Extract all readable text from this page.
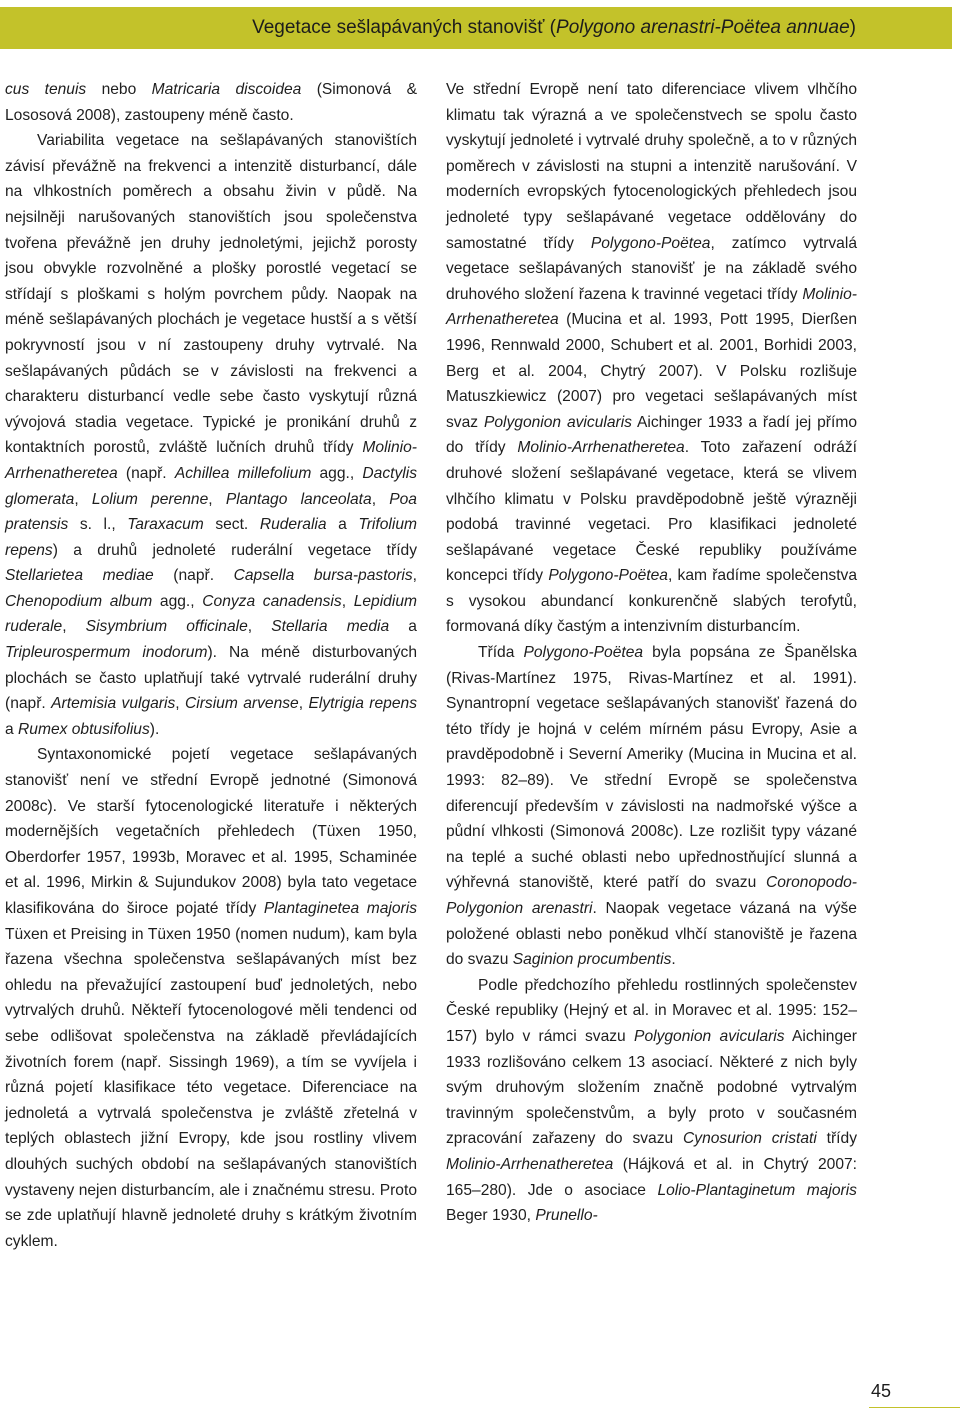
Vegetace sešlapávaných stanovišť (Polygono arenastri-Poëtea annuae)

cus tenuis nebo Matricaria discoidea (Simonová & Lososová 2008), zastoupeny méně často.

Variabilita vegetace na sešlapávaných stanovištích závisí převážně na frekvenci a intenzitě disturbancí, dále na vlhkostních poměrech a obsahu živin v půdě. Na nejsilněji narušovaných stanovištích jsou společenstva tvořena převážně jen druhy jednoletými, jejichž porosty jsou obvykle rozvolněné a plošky porostlé vegetací se střídají s ploškami s holým povrchem půdy. Naopak na méně sešlapávaných plochách je vegetace hustší a s větší pokryvností jsou v ní zastoupeny druhy vytrvalé. Na sešlapávaných půdách se v závislosti na frekvenci a charakteru disturbancí vedle sebe často vyskytují různá vývojová stadia vegetace. Typické je pronikání druhů z kontaktních porostů, zvláště lučních druhů třídy Molinio-Arrhenatheretea (např. Achillea millefolium agg., Dactylis glomerata, Lolium perenne, Plantago lanceolata, Poa pratensis s. l., Taraxacum sect. Ruderalia a Trifolium repens) a druhů jednoleté ruderální vegetace třídy Stellarietea mediae (např. Capsella bursa-pastoris, Chenopodium album agg., Conyza canadensis, Lepidium ruderale, Sisymbrium officinale, Stellaria media a Tripleurospermum inodorum). Na méně disturbovaných plochách se často uplatňují také vytrvalé ruderální druhy (např. Artemisia vulgaris, Cirsium arvense, Elytrigia repens a Rumex obtusifolius).

Syntaxonomické pojetí vegetace sešlapávaných stanovišť není ve střední Evropě jednotné (Simonová 2008c). Ve starší fytocenologické literatuře i některých modernějších vegetačních přehledech (Tüxen 1950, Oberdorfer 1957, 1993b, Moravec et al. 1995, Schaminée et al. 1996, Mirkin & Sujundukov 2008) byla tato vegetace klasifikována do široce pojaté třídy Plantaginetea majoris Tüxen et Preising in Tüxen 1950 (nomen nudum), kam byla řazena všechna společenstva sešlapávaných míst bez ohledu na převažující zastoupení buď jednoletých, nebo vytrvalých druhů. Někteří fytocenologové měli tendenci od sebe odlišovat společenstva na základě převládajících životních forem (např. Sissingh 1969), a tím se vyvíjela i různá pojetí klasifikace této vegetace. Diferenciace na jednoletá a vytrvalá společenstva je zvláště zřetelná v teplých oblastech jižní Evropy, kde jsou rostliny vlivem dlouhých suchých období na sešlapávaných stanovištích vystaveny nejen disturbancím, ale i značnému stresu. Proto se zde uplatňují hlavně jednoleté druhy s krátkým životním cyklem.

Ve střední Evropě není tato diferenciace vlivem vlhčího klimatu tak výrazná a ve společenstvech se spolu často vyskytují jednoleté i vytrvalé druhy společně, a to v různých poměrech v závislosti na stupni a intenzitě narušování. V moderních evropských fytocenologických přehledech jsou jednoleté typy sešlapávané vegetace oddělovány do samostatné třídy Polygono-Poëtea, zatímco vytrvalá vegetace sešlapávaných stanovišť je na základě svého druhového složení řazena k travinné vegetaci třídy Molinio-Arrhenatheretea (Mucina et al. 1993, Pott 1995, Dierßen 1996, Rennwald 2000, Schubert et al. 2001, Borhidi 2003, Berg et al. 2004, Chytrý 2007). V Polsku rozlišuje Matuszkiewicz (2007) pro vegetaci sešlapávaných míst svaz Polygonion avicularis Aichinger 1933 a řadí jej přímo do třídy Molinio-Arrhenatheretea. Toto zařazení odráží druhové složení sešlapávané vegetace, která se vlivem vlhčího klimatu v Polsku pravděpodobně ještě výrazněji podobá travinné vegetaci. Pro klasifikaci jednoleté sešlapávané vegetace České republiky používáme koncepci třídy Polygono-Poëtea, kam řadíme společenstva s vysokou abundancí konkurenčně slabých terofytů, formovaná díky častým a intenzivním disturbancím.

Třída Polygono-Poëtea byla popsána ze Španělska (Rivas-Martínez 1975, Rivas-Martínez et al. 1991). Synantropní vegetace sešlapávaných stanovišť řazená do této třídy je hojná v celém mírném pásu Evropy, Asie a pravděpodobně i Severní Ameriky (Mucina in Mucina et al. 1993: 82–89). Ve střední Evropě se společenstva diferencují především v závislosti na nadmořské výšce a půdní vlhkosti (Simonová 2008c). Lze rozlišit typy vázané na teplé a suché oblasti nebo upřednostňující slunná a výhřevná stanoviště, které patří do svazu Coronopodo-Polygonion arenastri. Naopak vegetace vázaná na výše položené oblasti nebo poněkud vlhčí stanoviště je řazena do svazu Saginion procumbentis.

Podle předchozího přehledu rostlinných společenstev České republiky (Hejný et al. in Moravec et al. 1995: 152–157) bylo v rámci svazu Polygonion avicularis Aichinger 1933 rozlišováno celkem 13 asociací. Některé z nich byly svým druhovým složením značně podobné vytrvalým travinným společenstvům, a byly proto v současném zpracování zařazeny do svazu Cynosurion cristati třídy Molinio-Arrhenatheretea (Hájková et al. in Chytrý 2007: 165–280). Jde o asociace Lolio-Plantaginetum majoris Beger 1930, Prunello-

45
